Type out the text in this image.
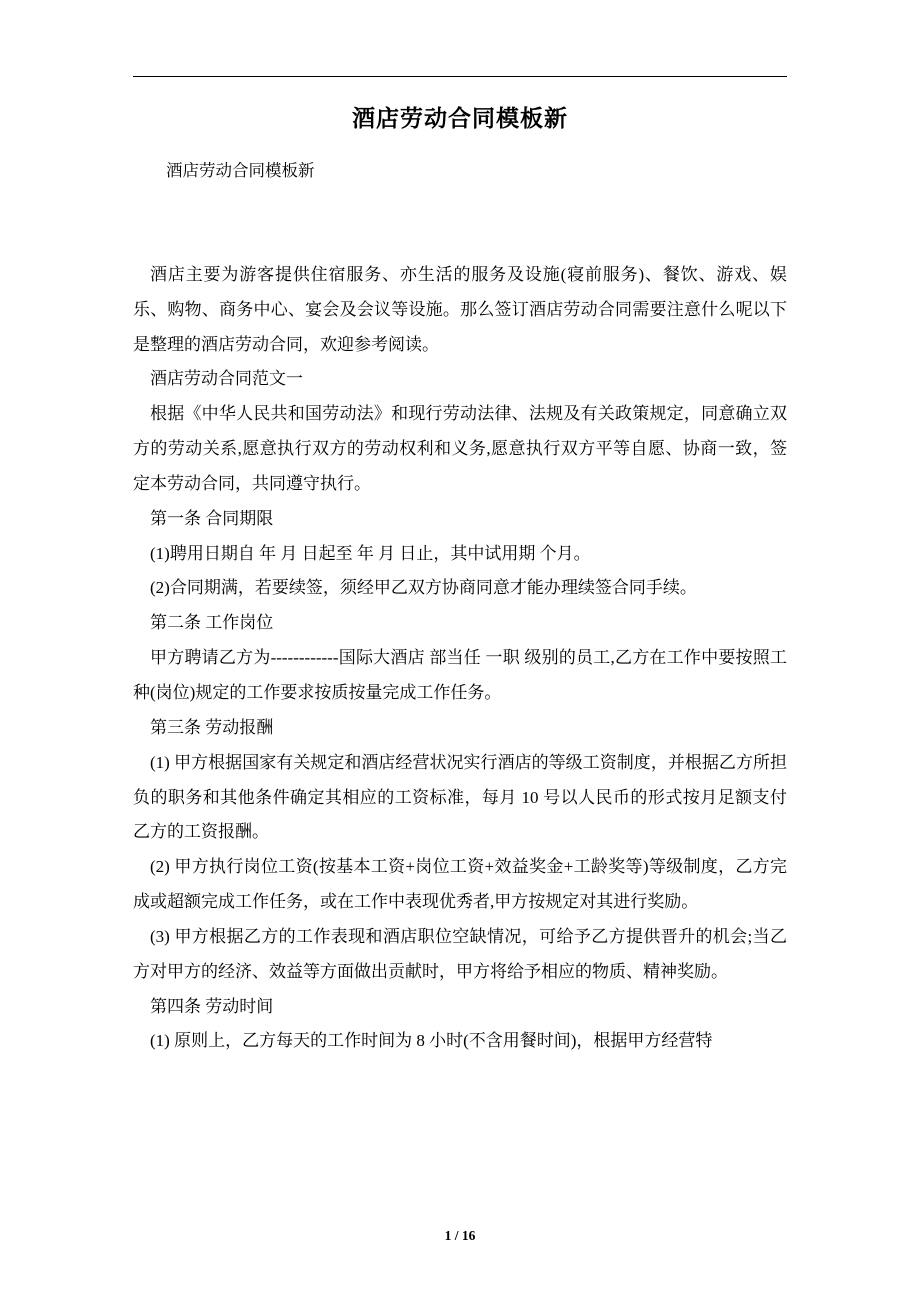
酒店劳动合同模板新

酒店劳动合同模板新

酒店主要为游客提供住宿服务、亦生活的服务及设施(寝前服务)、餐饮、游戏、娱乐、购物、商务中心、宴会及会议等设施。那么签订酒店劳动合同需要注意什么呢以下是整理的酒店劳动合同，欢迎参考阅读。

酒店劳动合同范文一

根据《中华人民共和国劳动法》和现行劳动法律、法规及有关政策规定，同意确立双方的劳动关系,愿意执行双方的劳动权利和义务,愿意执行双方平等自愿、协商一致，签定本劳动合同，共同遵守执行。

第一条 合同期限

(1)聘用日期自 年 月 日起至 年 月 日止，其中试用期 个月。

(2)合同期满，若要续签，须经甲乙双方协商同意才能办理续签合同手续。

第二条 工作岗位

甲方聘请乙方为------------国际大酒店 部当任 一职 级别的员工,乙方在工作中要按照工种(岗位)规定的工作要求按质按量完成工作任务。

第三条 劳动报酬

(1) 甲方根据国家有关规定和酒店经营状况实行酒店的等级工资制度，并根据乙方所担负的职务和其他条件确定其相应的工资标准，每月 10 号以人民币的形式按月足额支付乙方的工资报酬。

(2) 甲方执行岗位工资(按基本工资+岗位工资+效益奖金+工龄奖等)等级制度，乙方完成或超额完成工作任务，或在工作中表现优秀者,甲方按规定对其进行奖励。

(3) 甲方根据乙方的工作表现和酒店职位空缺情况，可给予乙方提供晋升的机会;当乙方对甲方的经济、效益等方面做出贡献时，甲方将给予相应的物质、精神奖励。

第四条 劳动时间

(1) 原则上，乙方每天的工作时间为 8 小时(不含用餐时间)，根据甲方经营特

1 / 16
